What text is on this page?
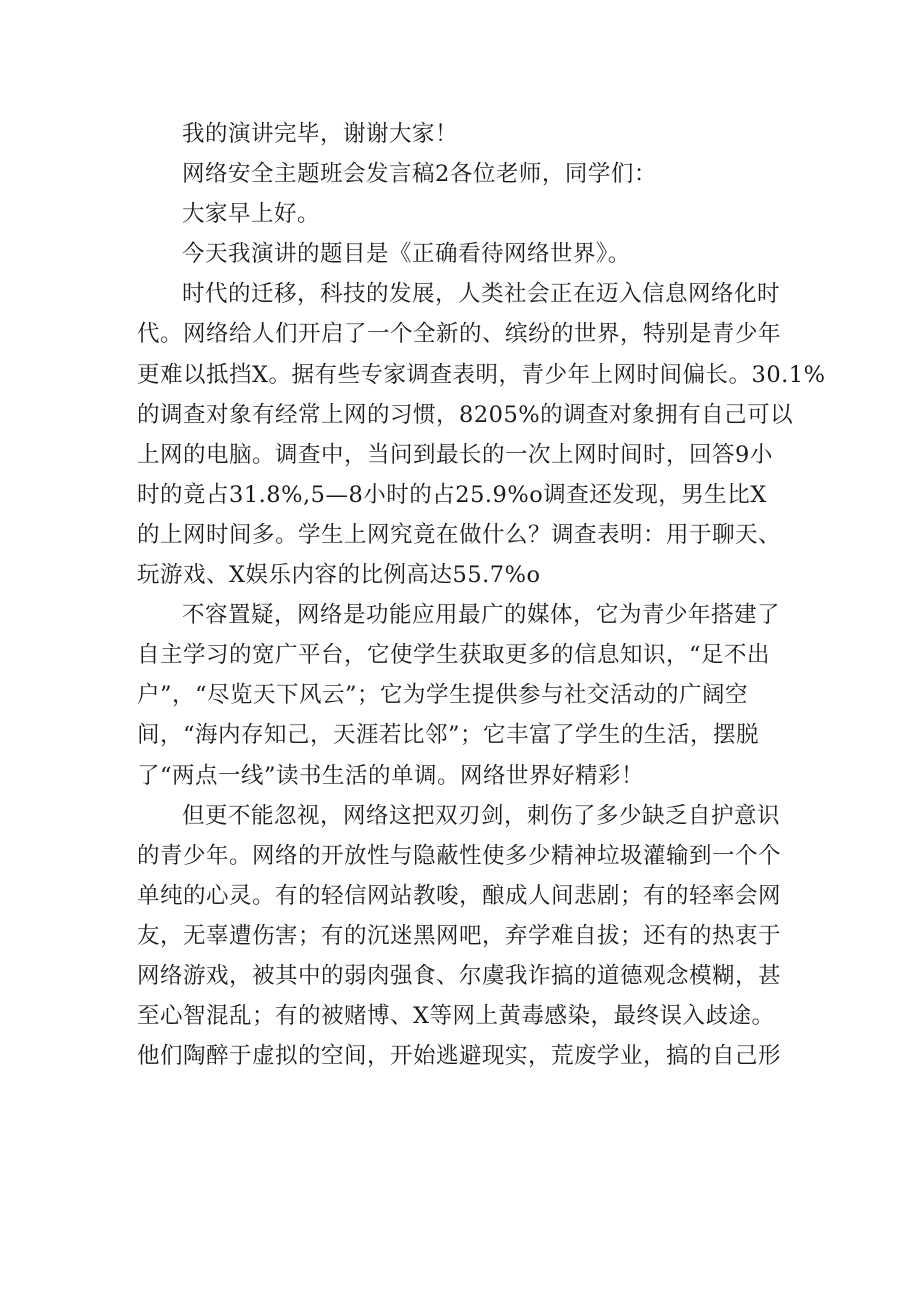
我的演讲完毕，谢谢大家！

网络安全主题班会发言稿2各位老师，同学们：

大家早上好。

今天我演讲的题目是《正确看待网络世界》。

时代的迁移，科技的发展，人类社会正在迈入信息网络化时
代。网络给人们开启了一个全新的、缤纷的世界，特别是青少年
更难以抵挡X。据有些专家调查表明，青少年上网时间偏长。30.1%
的调查对象有经常上网的习惯，8205%的调查对象拥有自己可以
上网的电脑。调查中，当问到最长的一次上网时间时，回答9小
时的竟占31.8%,5—8小时的占25.9%o调查还发现，男生比X
的上网时间多。学生上网究竟在做什么？调查表明：用于聊天、
玩游戏、X娱乐内容的比例高达55.7%o

不容置疑，网络是功能应用最广的媒体，它为青少年搭建了
自主学习的宽广平台，它使学生获取更多的信息知识，“足不出
户”，“尽览天下风云”；它为学生提供参与社交活动的广阔空
间，“海内存知己，天涯若比邻”；它丰富了学生的生活，摆脱
了“两点一线”读书生活的单调。网络世界好精彩！

但更不能忽视，网络这把双刃剑，刺伤了多少缺乏自护意识
的青少年。网络的开放性与隐蔽性使多少精神垃圾灌输到一个个
单纯的心灵。有的轻信网站教唆，酿成人间悲剧；有的轻率会网
友，无辜遭伤害；有的沉迷黑网吧，弃学难自拔；还有的热衷于
网络游戏，被其中的弱肉强食、尔虞我诈搞的道德观念模糊，甚
至心智混乱；有的被赌博、X等网上黄毒感染，最终误入歧途。
他们陶醉于虚拟的空间，开始逃避现实，荒废学业，搞的自己形
